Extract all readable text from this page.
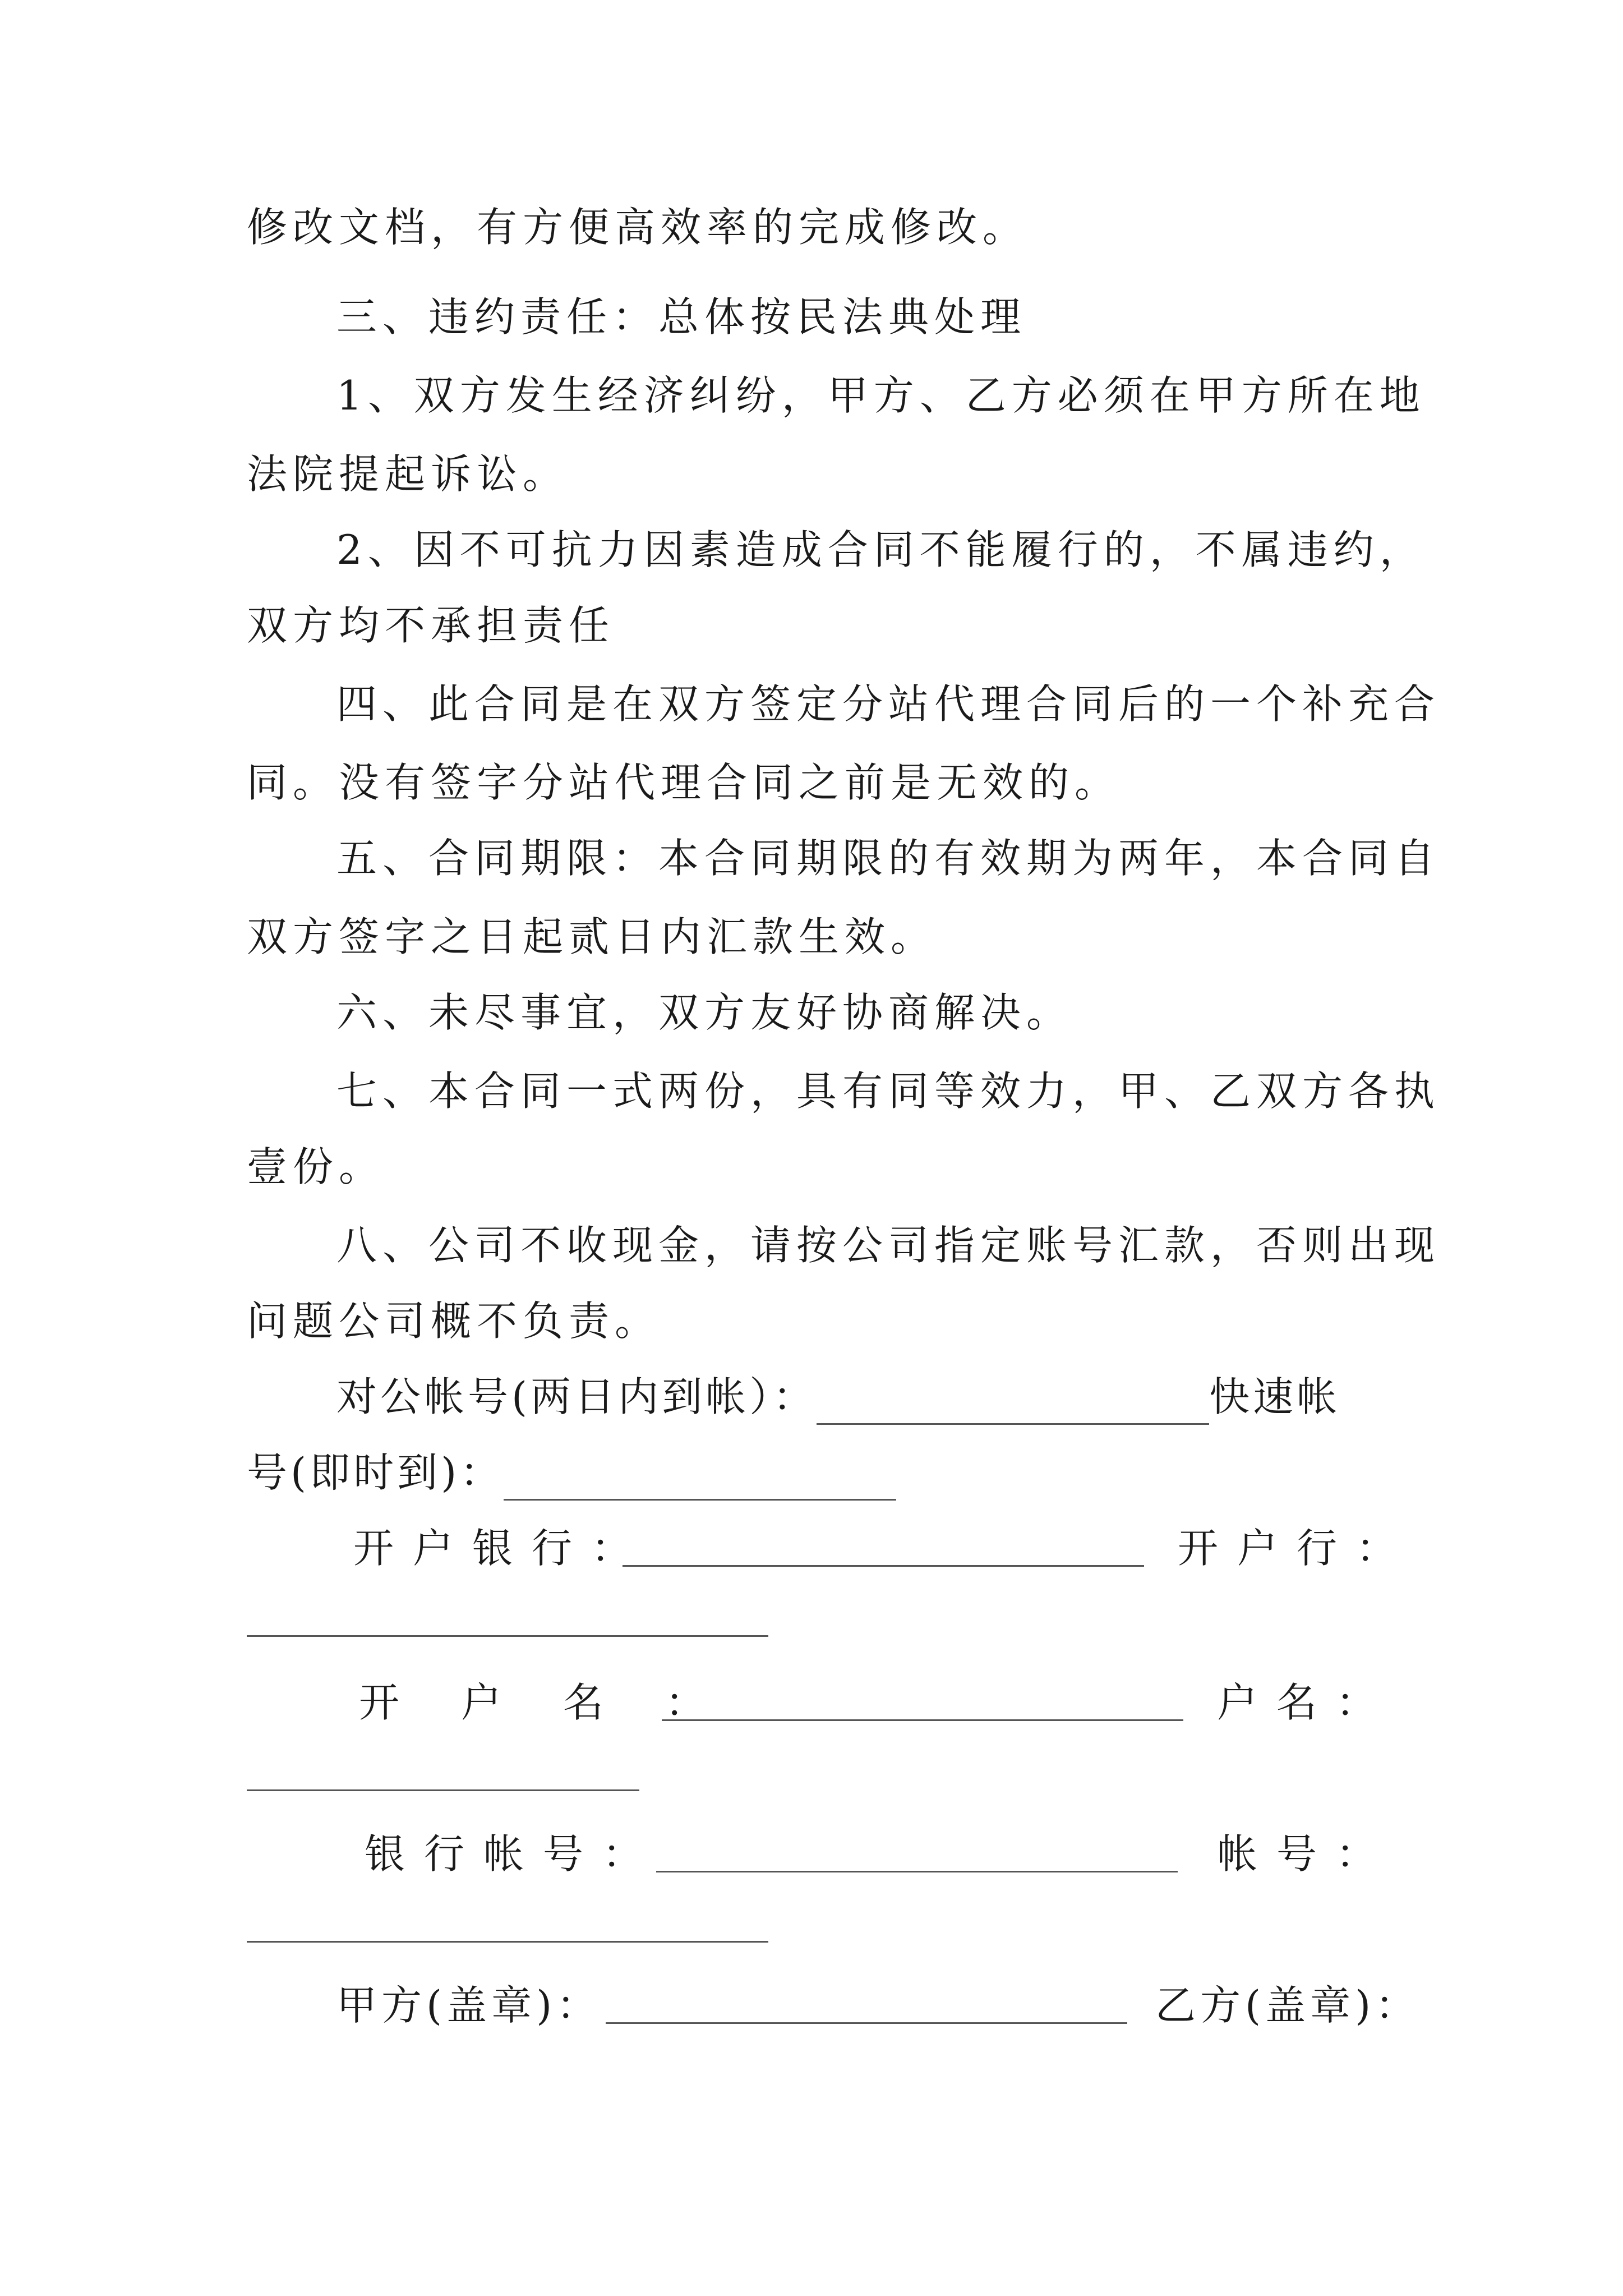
修改文档，有方便高效率的完成修改。
三、违约责任：总体按民法典处理
1、双方发生经济纠纷，甲方、乙方必须在甲方所在地
法院提起诉讼。
2、因不可抗力因素造成合同不能履行的，不属违约，
双方均不承担责任
四、此合同是在双方签定分站代理合同后的一个补充合
同。没有签字分站代理合同之前是无效的。
五、合同期限：本合同期限的有效期为两年，本合同自
双方签字之日起贰日内汇款生效。
六、未尽事宜，双方友好协商解决。
七、本合同一式两份，具有同等效力，甲、乙双方各执
壹份。
八、公司不收现金，请按公司指定账号汇款，否则出现
问题公司概不负责。
对公帐号(两日内到帐）：	快速帐
号(即时到)：
开户银行：	开户行：
开户名：	户名：
银行帐号：	帐号：
甲方(盖章)：	乙方(盖章)：
